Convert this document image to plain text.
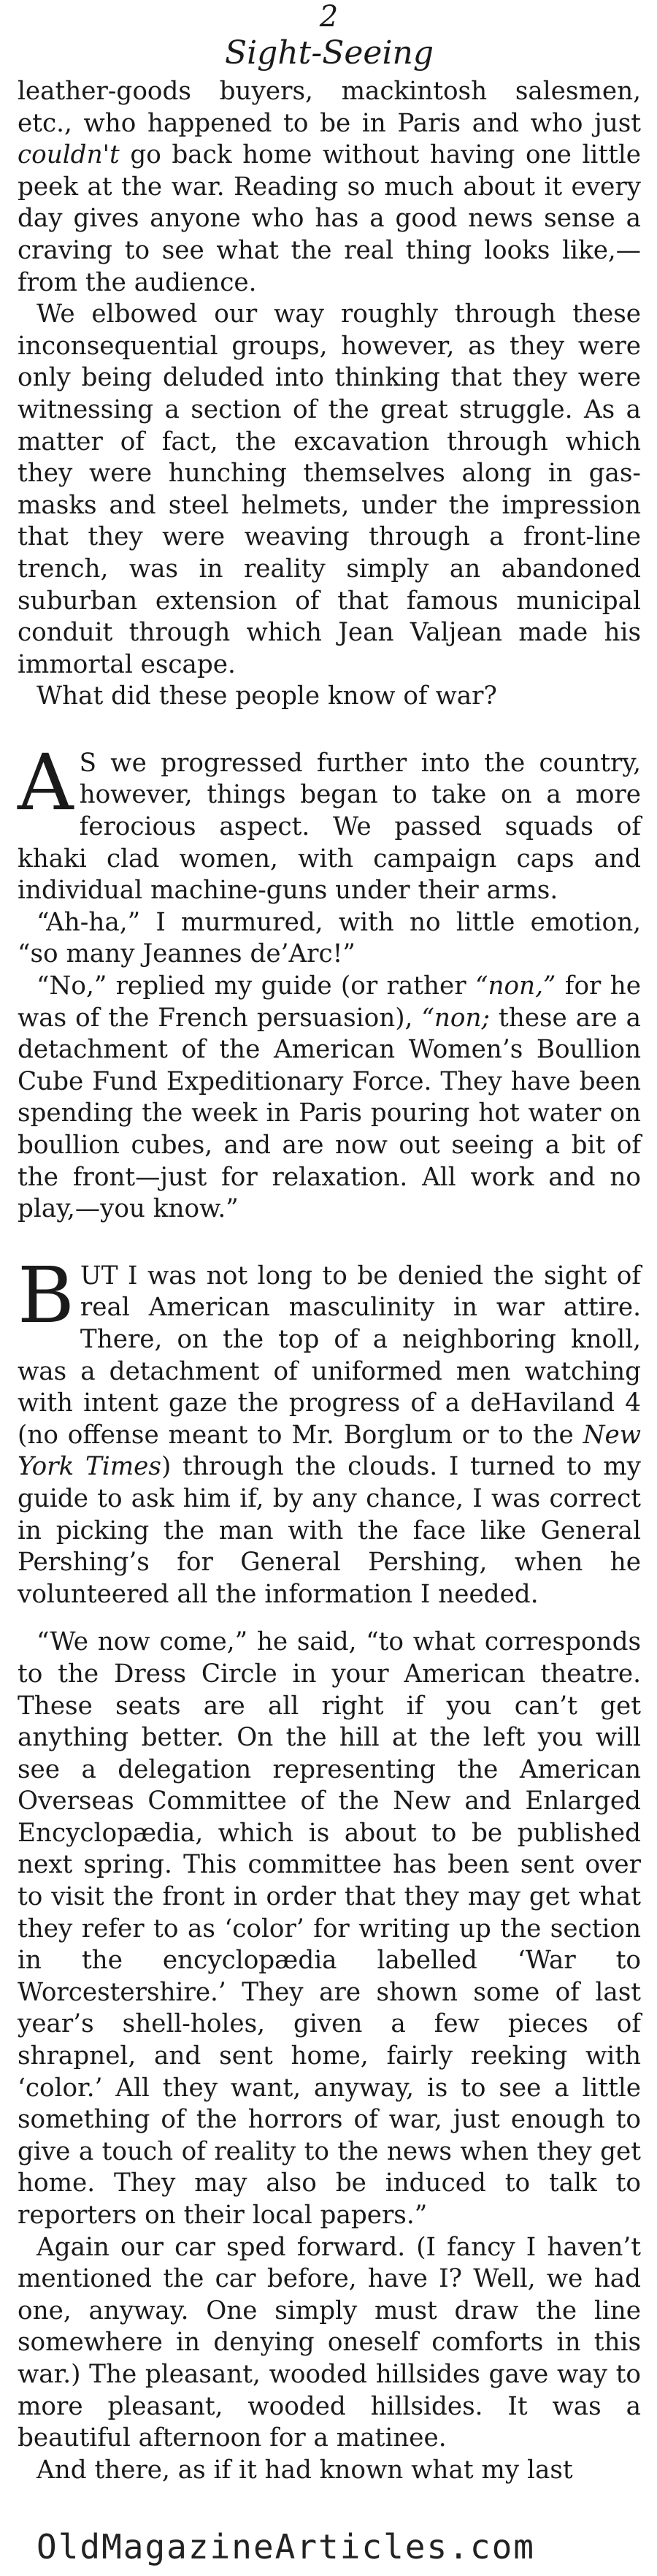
2
Sight-Seeing

leather-goods buyers, mackintosh salesmen, etc., who happened to be in Paris and who just couldn't go back home without having one little peek at the war. Reading so much about it every day gives anyone who has a good news sense a craving to see what the real thing looks like,—from the audience.

We elbowed our way roughly through these inconsequential groups, however, as they were only being deluded into thinking that they were witnessing a section of the great struggle. As a matter of fact, the excavation through which they were hunching themselves along in gas-masks and steel helmets, under the impression that they were weaving through a front-line trench, was in reality simply an abandoned suburban extension of that famous municipal conduit through which Jean Valjean made his immortal escape.

What did these people know of war?

A S we progressed further into the country, however, things began to take on a more ferocious aspect. We passed squads of khaki clad women, with campaign caps and individual machine-guns under their arms.

“Ah-ha,” I murmured, with no little emotion, “so many Jeannes de’Arc!”

“No,” replied my guide (or rather “non,” for he was of the French persuasion), “non; these are a detachment of the American Women’s Boullion Cube Fund Expeditionary Force. They have been spending the week in Paris pouring hot water on boullion cubes, and are now out seeing a bit of the front—just for relaxation. All work and no play,—you know.”

BUT I was not long to be denied the sight of real American masculinity in war attire. There, on the top of a neighboring knoll, was a detachment of uniformed men watching with intent gaze the progress of a deHaviland 4 (no offense meant to Mr. Borglum or to the New York Times) through the clouds. I turned to my guide to ask him if, by any chance, I was correct in picking the man with the face like General Pershing’s for General Pershing, when he volunteered all the information I needed.

“We now come,” he said, “to what corresponds to the Dress Circle in your American theatre. These seats are all right if you can’t get anything better. On the hill at the left you will see a delegation representing the American Overseas Committee of the New and Enlarged Encyclopædia, which is about to be published next spring. This committee has been sent over to visit the front in order that they may get what they refer to as ‘color’ for writing up the section in the encyclopædia labelled ‘War to Worcestershire.’ They are shown some of last year’s shell-holes, given a few pieces of shrapnel, and sent home, fairly reeking with ‘color.’ All they want, anyway, is to see a little something of the horrors of war, just enough to give a touch of reality to the news when they get home. They may also be induced to talk to reporters on their local papers.”

Again our car sped forward. (I fancy I haven’t mentioned the car before, have I? Well, we had one, anyway. One simply must draw the line somewhere in denying oneself comforts in this war.) The pleasant, wooded hillsides gave way to more pleasant, wooded hillsides. It was a beautiful afternoon for a matinee.

And there, as if it had known what my last

OldMagazineArticles.com
